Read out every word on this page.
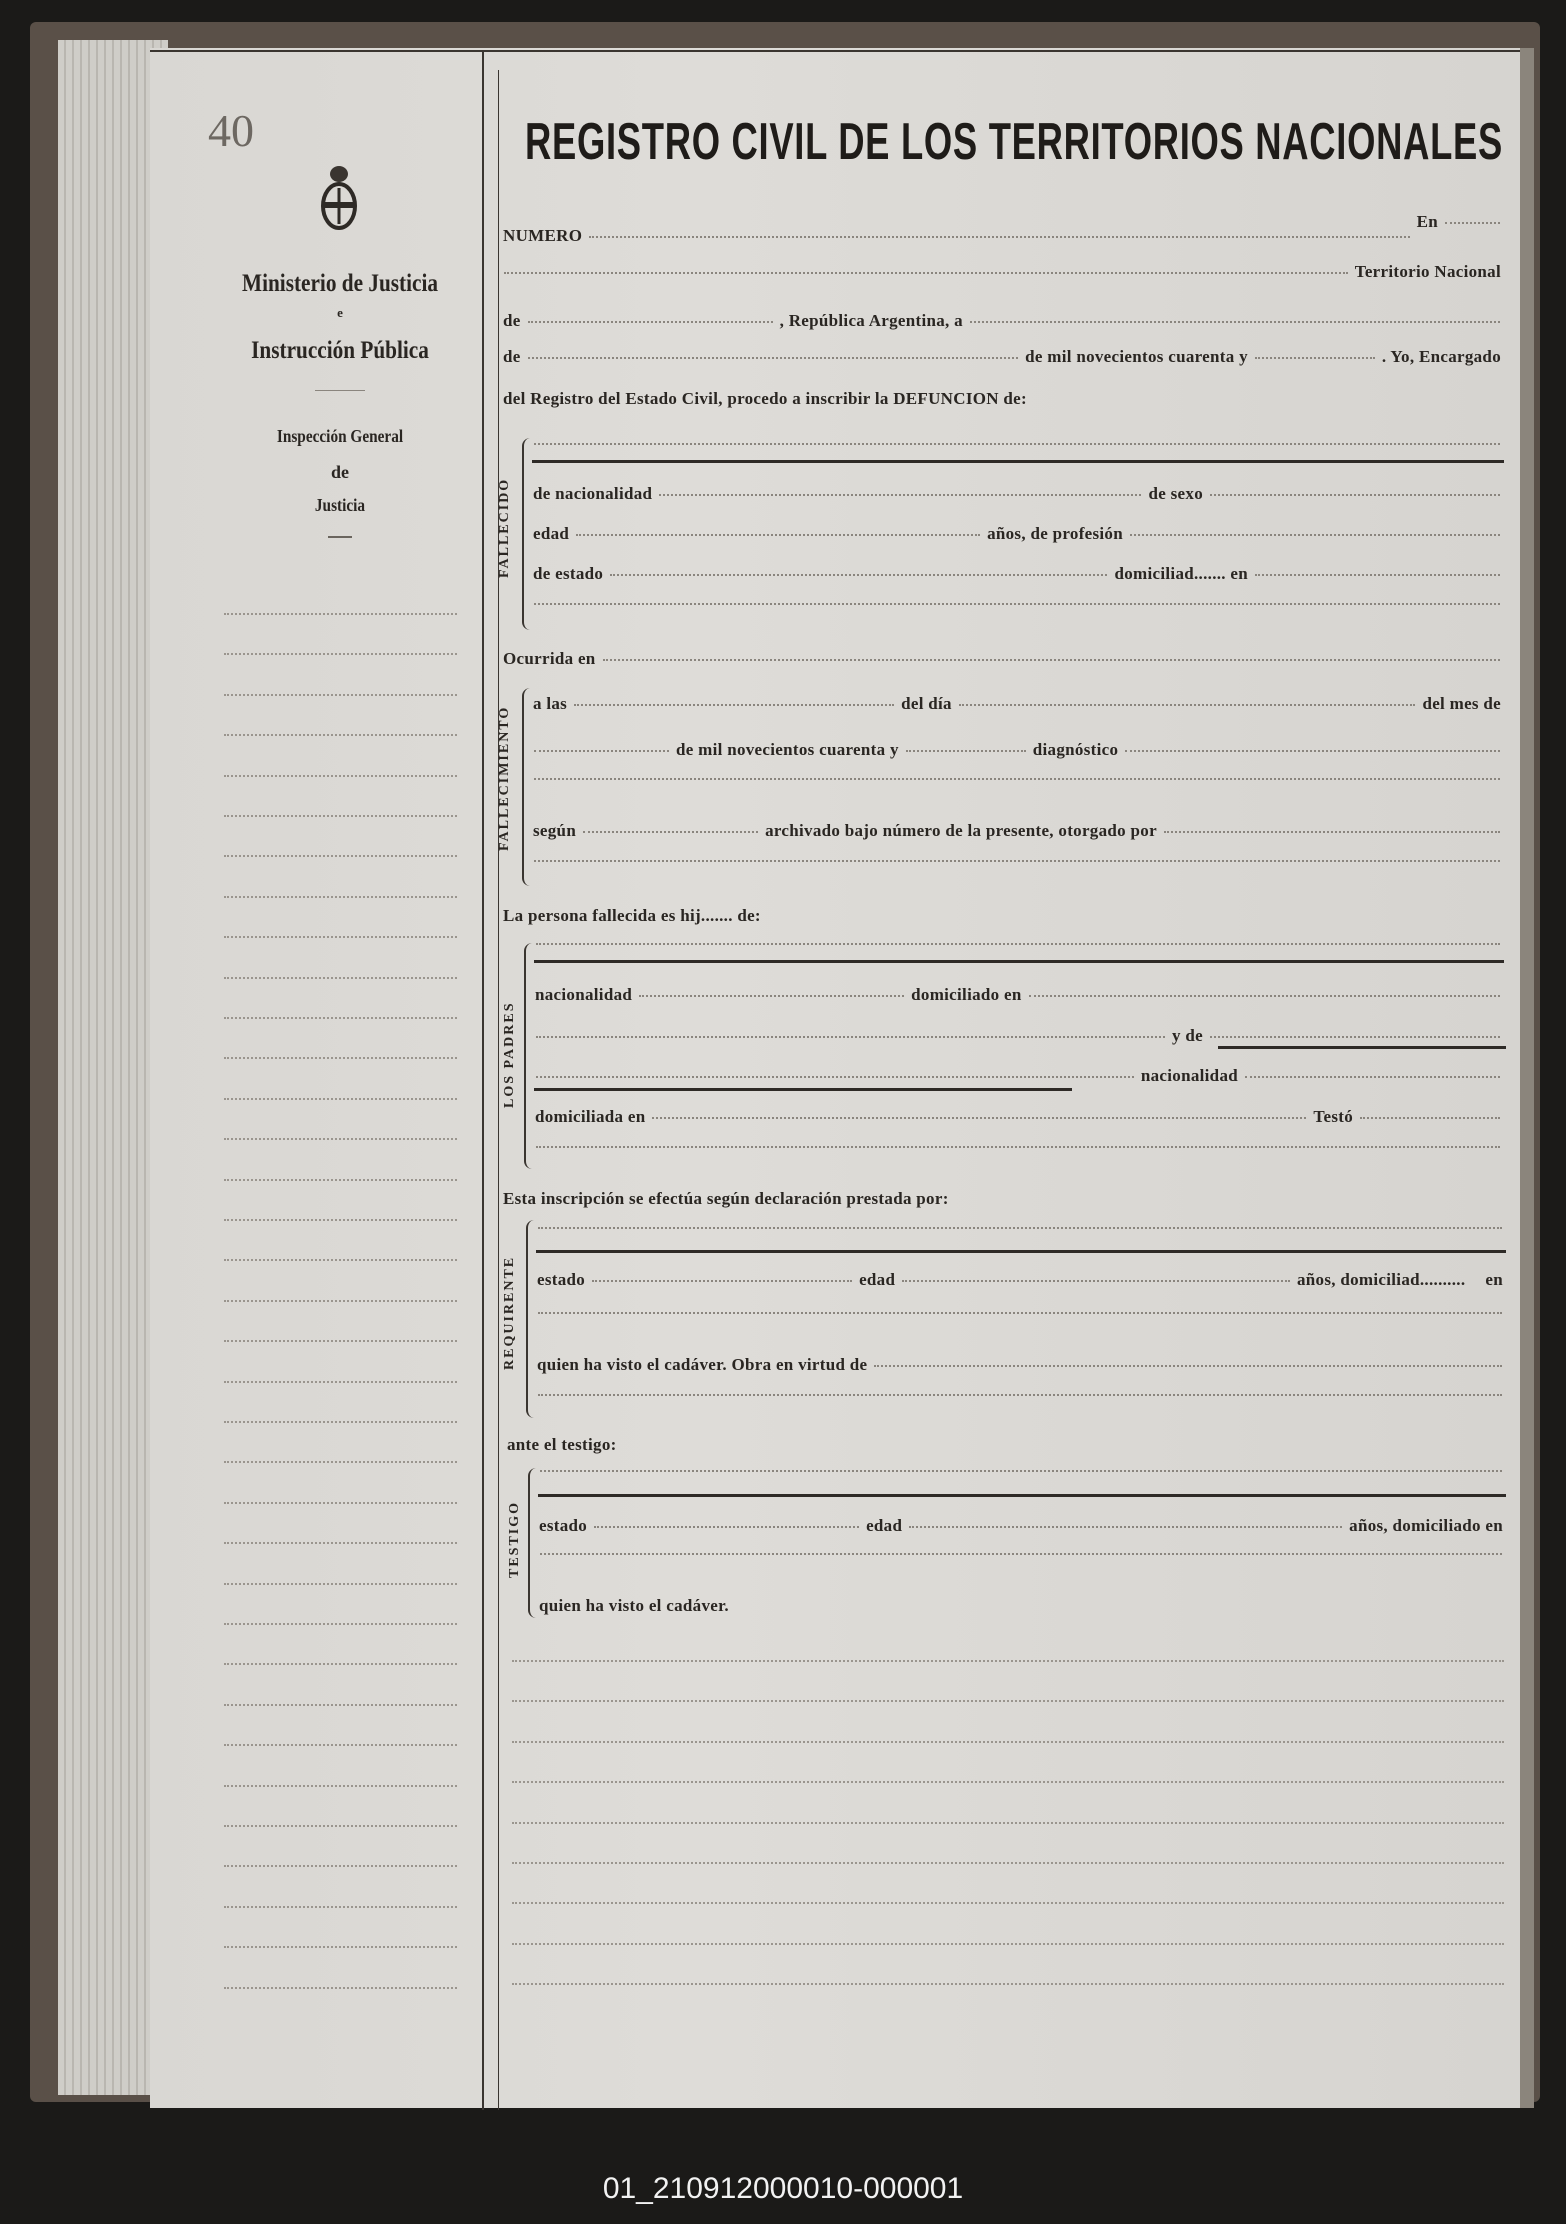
40
Ministerio de Justicia
e
Instrucción Pública
Inspección General
de
Justicia
REGISTRO CIVIL DE LOS TERRITORIOS NACIONALES
NUMERO
En
Territorio Nacional
de	, República Argentina, a
de	de mil novecientos cuarenta y	. Yo, Encargado
del Registro del Estado Civil, procedo a inscribir la DEFUNCION de:
FALLECIDO de nacionalidad	de sexo
edad	años, de profesión
de estado	domiciliad....... en
Ocurrida en
FALLECIMIENTO
a las	del día	del mes de
de mil novecientos cuarenta y	diagnóstico
según	archivado bajo número de la presente, otorgado por
La persona fallecida es hij....... de:
LOS PADRES
nacionalidad	domiciliado en
y de
nacionalidad
domiciliada en	Testó
Esta inscripción se efectúa según declaración prestada por:
REQUIRENTE estado	edad	años, domiciliad.......... en
quien ha visto el cadáver. Obra en virtud de
ante el testigo:
TESTIGO estado	edad	años, domiciliado en
quien ha visto el cadáver.
01_210912000010-000001
